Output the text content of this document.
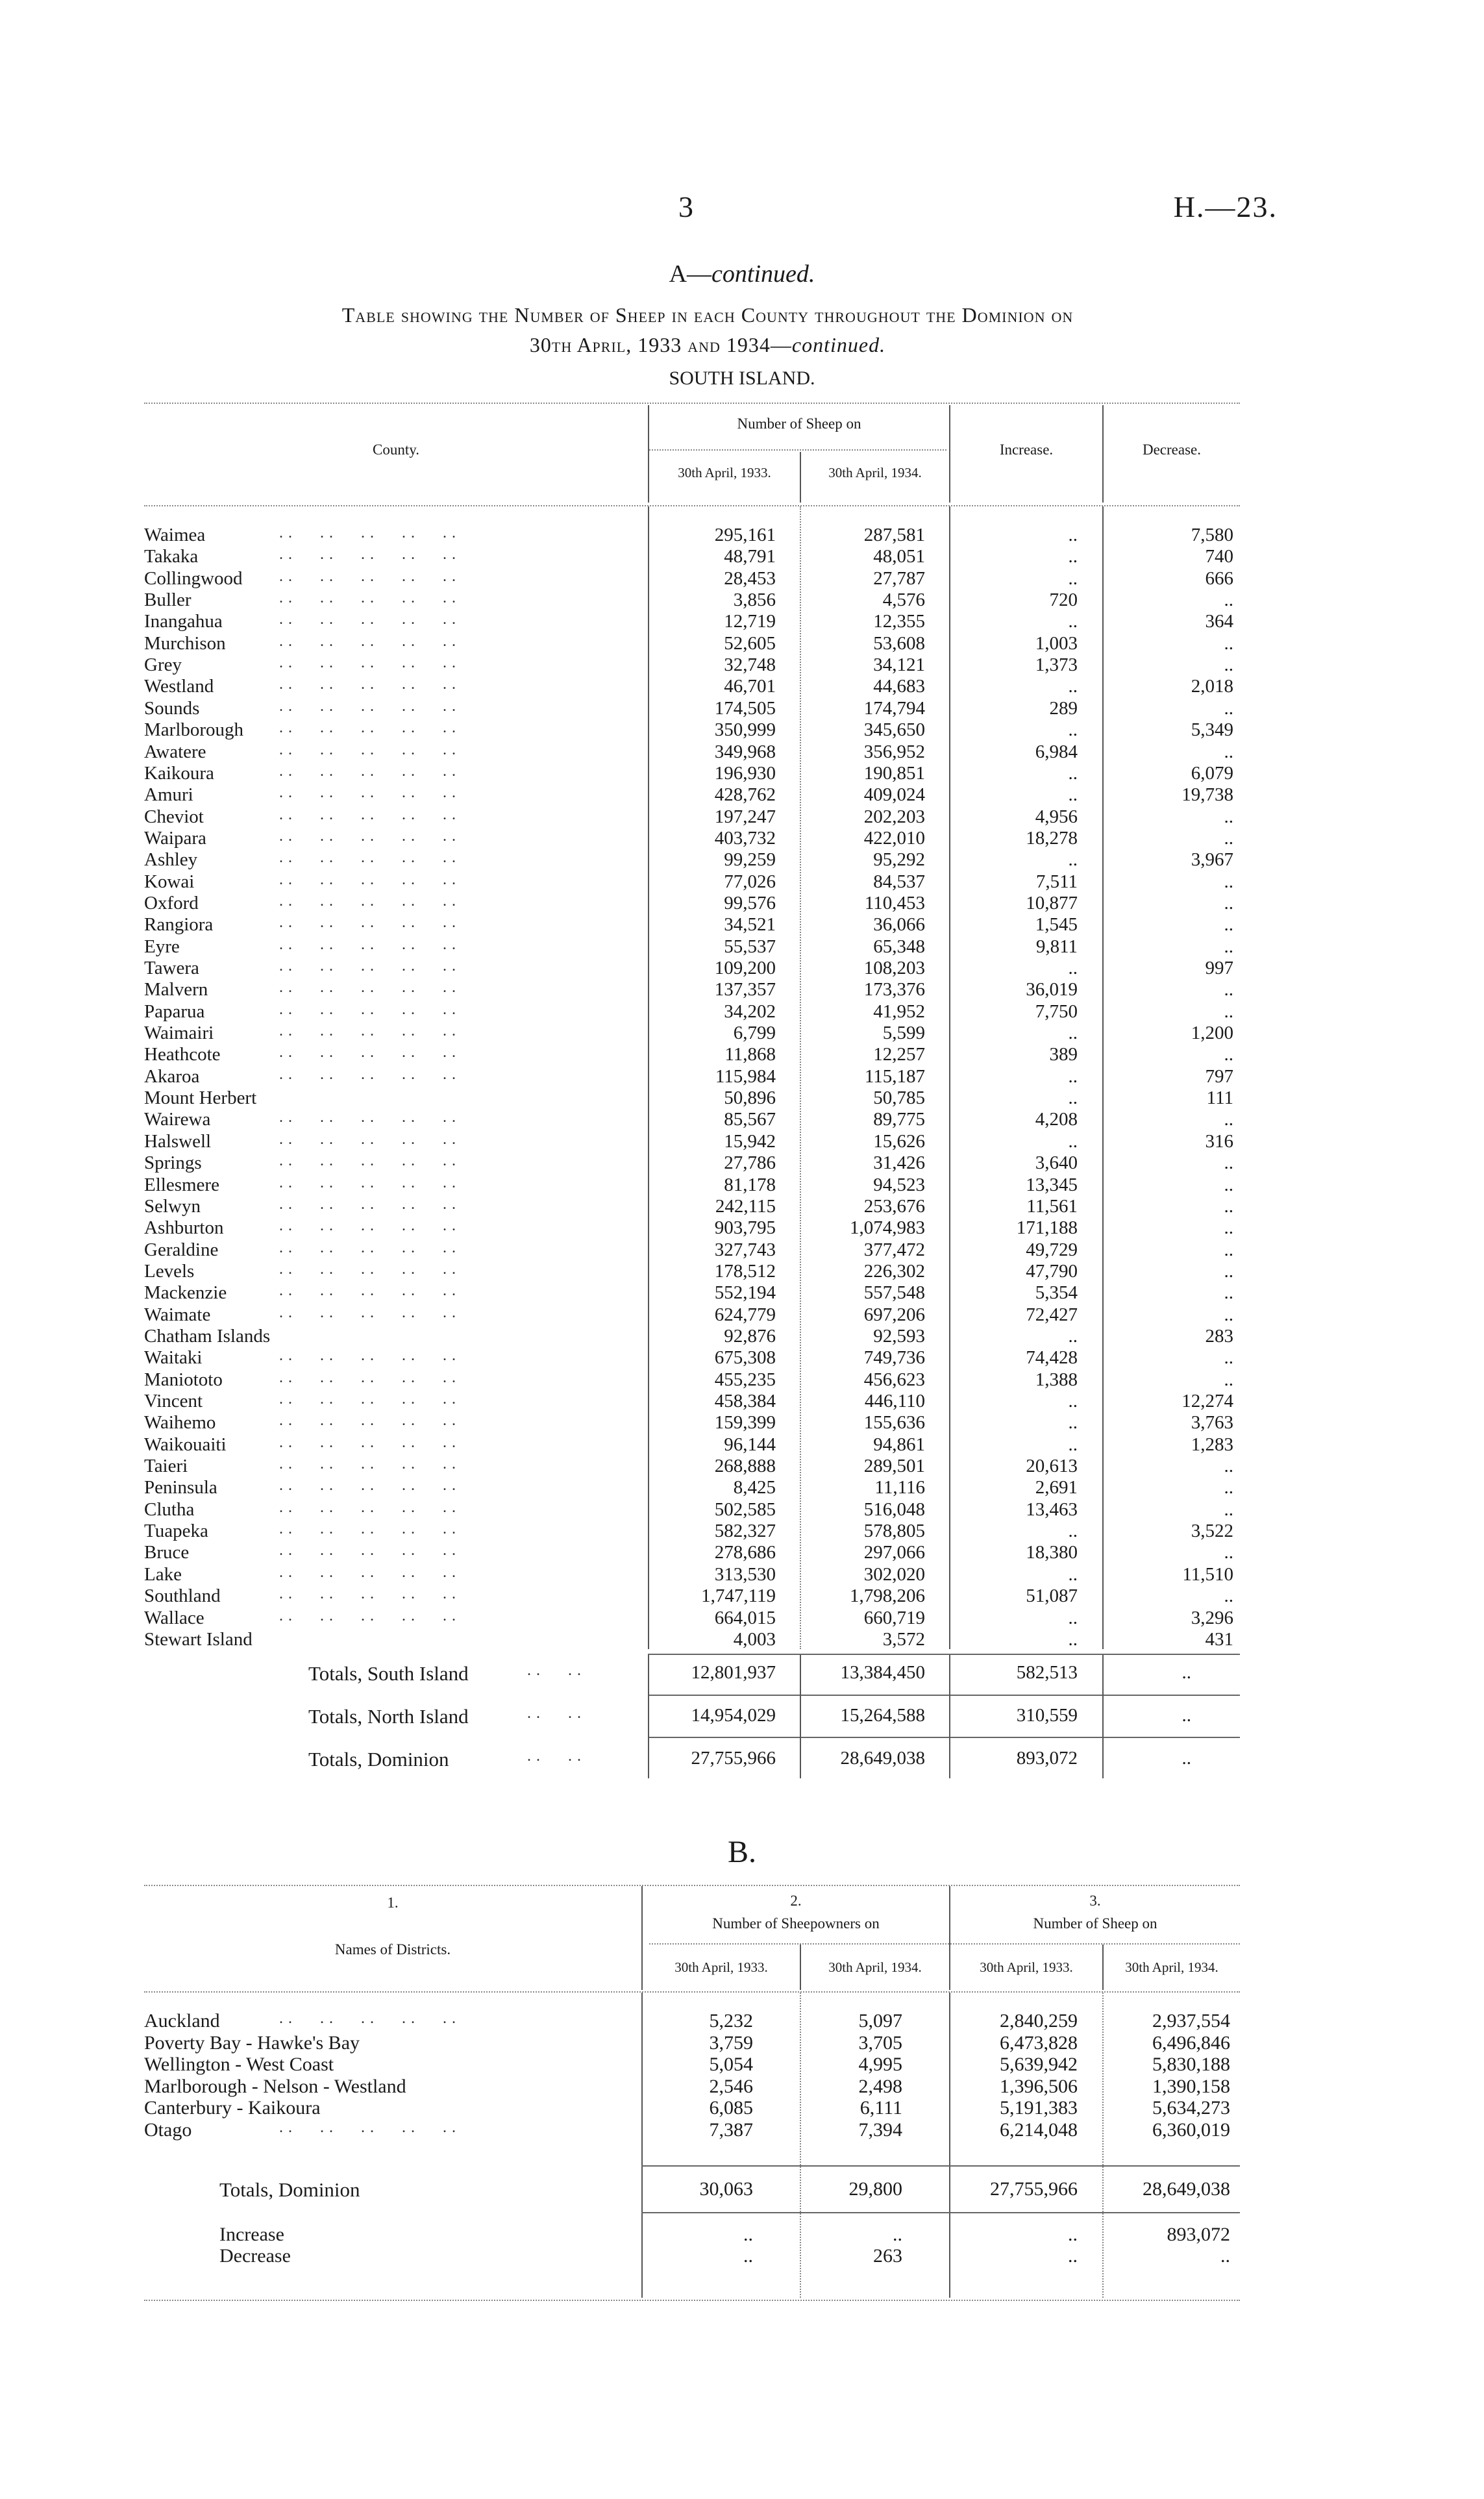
3	H.—23.
A—continued.
Table showing the Number of Sheep in each County throughout the Dominion on
30th April, 1933 and 1934—continued.
SOUTH ISLAND.
County.
Number of Sheep on
30th April, 1933.	30th April, 1934.
Increase.	Decrease.
Waimea	. .      . .      . .      . .      . .	295,161	287,581	..	7,580
Takaka	. .      . .      . .      . .      . .	48,791	48,051	..	740
Collingwood . .      . .      . .      . .      . .	28,453	27,787	..	666
Buller	. .      . .      . .      . .      . .	3,856	4,576	720	..
Inangahua	. .      . .      . .      . .      . .	12,719	12,355	..	364
Murchison	. .      . .      . .      . .      . .	52,605	53,608	1,003	..
Grey	. .      . .      . .      . .      . .	32,748	34,121	1,373	..
Westland	. .      . .      . .      . .      . .	46,701	44,683	..	2,018
Sounds	. .      . .      . .      . .      . .	174,505	174,794	289	..
Marlborough . .      . .      . .      . .      . .	350,999	345,650	..	5,349
Awatere	. .      . .      . .      . .      . .	349,968	356,952	6,984	..
Kaikoura	. .      . .      . .      . .      . .	196,930	190,851	..	6,079
Amuri	. .      . .      . .      . .      . .	428,762	409,024	..	19,738
Cheviot	. .      . .      . .      . .      . .	197,247	202,203	4,956	..
Waipara	. .      . .      . .      . .      . .	403,732	422,010	18,278	..
Ashley	. .      . .      . .      . .      . .	99,259	95,292	..	3,967
Kowai	. .      . .      . .      . .      . .	77,026	84,537	7,511	..
Oxford	. .      . .      . .      . .      . .	99,576	110,453	10,877	..
Rangiora	. .      . .      . .      . .      . .	34,521	36,066	1,545	..
Eyre	. .      . .      . .      . .      . .	55,537	65,348	9,811	..
Tawera	. .      . .      . .      . .      . .	109,200	108,203	..	997
Malvern	. .      . .      . .      . .      . .	137,357	173,376	36,019	..
Paparua	. .      . .      . .      . .      . .	34,202	41,952	7,750	..
Waimairi	. .      . .      . .      . .      . .	6,799	5,599	..	1,200
Heathcote	. .      . .      . .      . .      . .	11,868	12,257	389	..
Akaroa	. .      . .      . .      . .      . .	115,984	115,187	..	797
Mount Herbert	50,896	50,785	..	111
Wairewa	. .      . .      . .      . .      . .	85,567	89,775	4,208	..
Halswell	. .      . .      . .      . .      . .	15,942	15,626	..	316
Springs	. .      . .      . .      . .      . .	27,786	31,426	3,640	..
Ellesmere	. .      . .      . .      . .      . .	81,178	94,523	13,345	..
Selwyn	. .      . .      . .      . .      . .	242,115	253,676	11,561	..
Ashburton	. .      . .      . .      . .      . .	903,795	1,074,983	171,188	..
Geraldine	. .      . .      . .      . .      . .	327,743	377,472	49,729	..
Levels	. .      . .      . .      . .      . .	178,512	226,302	47,790	..
Mackenzie	. .      . .      . .      . .      . .	552,194	557,548	5,354	..
Waimate	. .      . .      . .      . .      . .	624,779	697,206	72,427	..
Chatham Islands	92,876	92,593	..	283
Waitaki	. .      . .      . .      . .      . .	675,308	749,736	74,428	..
Maniototo	. .      . .      . .      . .      . .	455,235	456,623	1,388	..
Vincent	. .      . .      . .      . .      . .	458,384	446,110	..	12,274
Waihemo	. .      . .      . .      . .      . .	159,399	155,636	..	3,763
Waikouaiti	. .      . .      . .      . .      . .	96,144	94,861	..	1,283
Taieri	. .      . .      . .      . .      . .	268,888	289,501	20,613	..
Peninsula	. .      . .      . .      . .      . .	8,425	11,116	2,691	..
Clutha	. .      . .      . .      . .      . .	502,585	516,048	13,463	..
Tuapeka	. .      . .      . .      . .      . .	582,327	578,805	..	3,522
Bruce	. .      . .      . .      . .      . .	278,686	297,066	18,380	..
Lake	. .      . .      . .      . .      . .	313,530	302,020	..	11,510
Southland	. .      . .      . .      . .      . .	1,747,119	1,798,206	51,087	..
Wallace	. .      . .      . .      . .      . .	664,015	660,719	..	3,296
Stewart Island	4,003	3,572	..	431
Totals, South Island	. .      . .	12,801,937	13,384,450	582,513	..
Totals, North Island	. .      . .	14,954,029	15,264,588	310,559	..
Totals, Dominion	. .      . .	27,755,966	28,649,038	893,072	..
B.
1.
Names of Districts.
2.
Number of Sheepowners on
3.
Number of Sheep on
30th April, 1933.	30th April, 1934.	30th April, 1933.	30th April, 1934.
Auckland	. .      . .      . .      . .      . .	5,232	5,097	2,840,259	2,937,554
Poverty Bay - Hawke's Bay	3,759	3,705	6,473,828	6,496,846
Wellington - West Coast	5,054	4,995	5,639,942	5,830,188
Marlborough - Nelson - Westland	2,546	2,498	1,396,506	1,390,158
Canterbury - Kaikoura	6,085	6,111	5,191,383	5,634,273
Otago	. .      . .      . .      . .      . .	7,387	7,394	6,214,048	6,360,019
Totals, Dominion	30,063	29,800	27,755,966	28,649,038
Increase	..	..	..	893,072
Decrease	..	263	..	..
